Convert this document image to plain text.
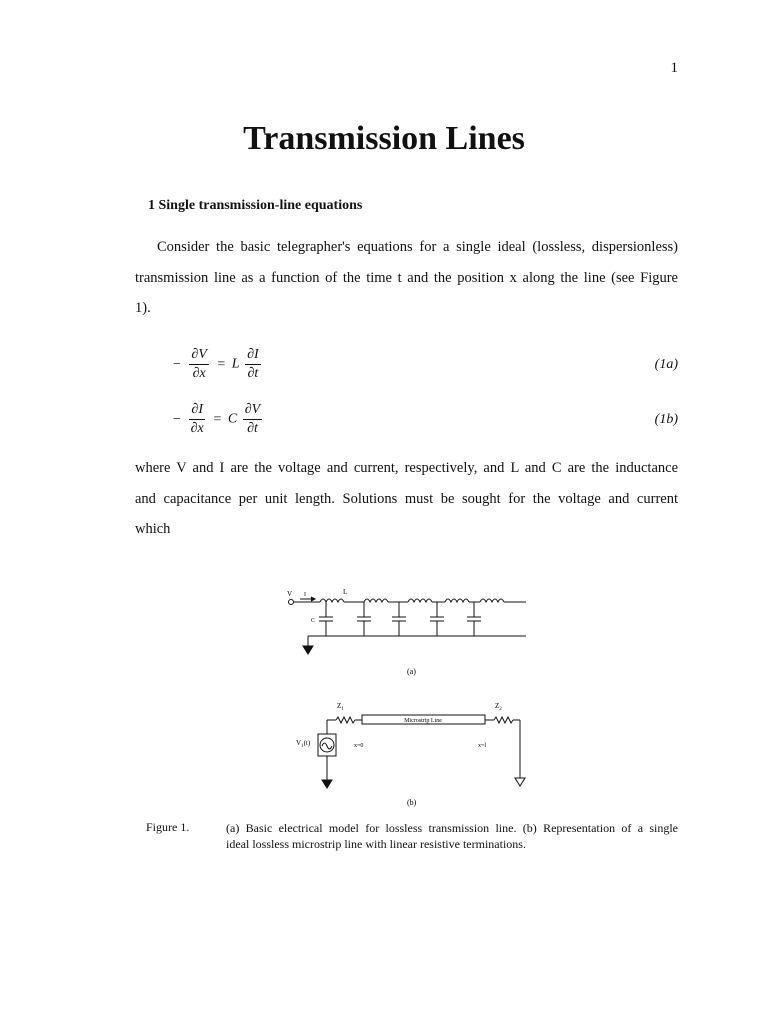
1
Transmission Lines
1 Single transmission-line equations
Consider the basic telegrapher's equations for a single ideal (lossless, dispersionless)
transmission line as a function of the time t and the position x along the line (see Figure
1).
− $\frac{\partial V}{\partial x} = L \frac{\partial I}{\partial t}$	(1a)
− $\frac{\partial I}{\partial x} = C \frac{\partial V}{\partial t}$	(1b)
where V and I are the voltage and current, respectively, and L and C are the inductance
and capacitance per unit length. Solutions must be sought for the voltage and current
which
V I	L
C
(a)
$Z_1$	$Z_2$
Microstrip Line
$V_1(t)$	x=0	x=l
(b)
Figure 1.	(a) Basic electrical model for lossless transmission line. (b) Representation of a single
ideal lossless microstrip line with linear resistive terminations.
